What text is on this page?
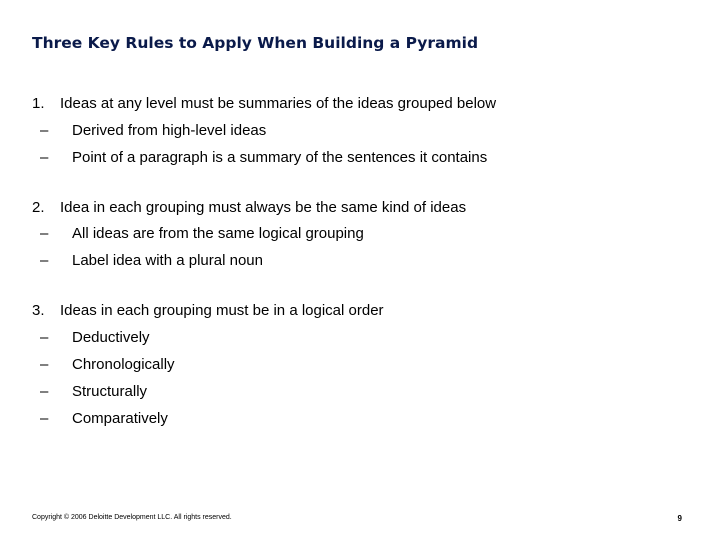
Three Key Rules to Apply When Building a Pyramid
1. Ideas at any level must be summaries of the ideas grouped below
– Derived from high-level ideas
– Point of a paragraph is a summary of the sentences it contains
2. Idea in each grouping must always be the same kind of ideas
– All ideas are from the same logical grouping
– Label idea with a plural noun
3. Ideas in each grouping must be in a logical order
– Deductively
– Chronologically
– Structurally
– Comparatively
Copyright © 2006 Deloitte Development LLC. All rights reserved.	9
